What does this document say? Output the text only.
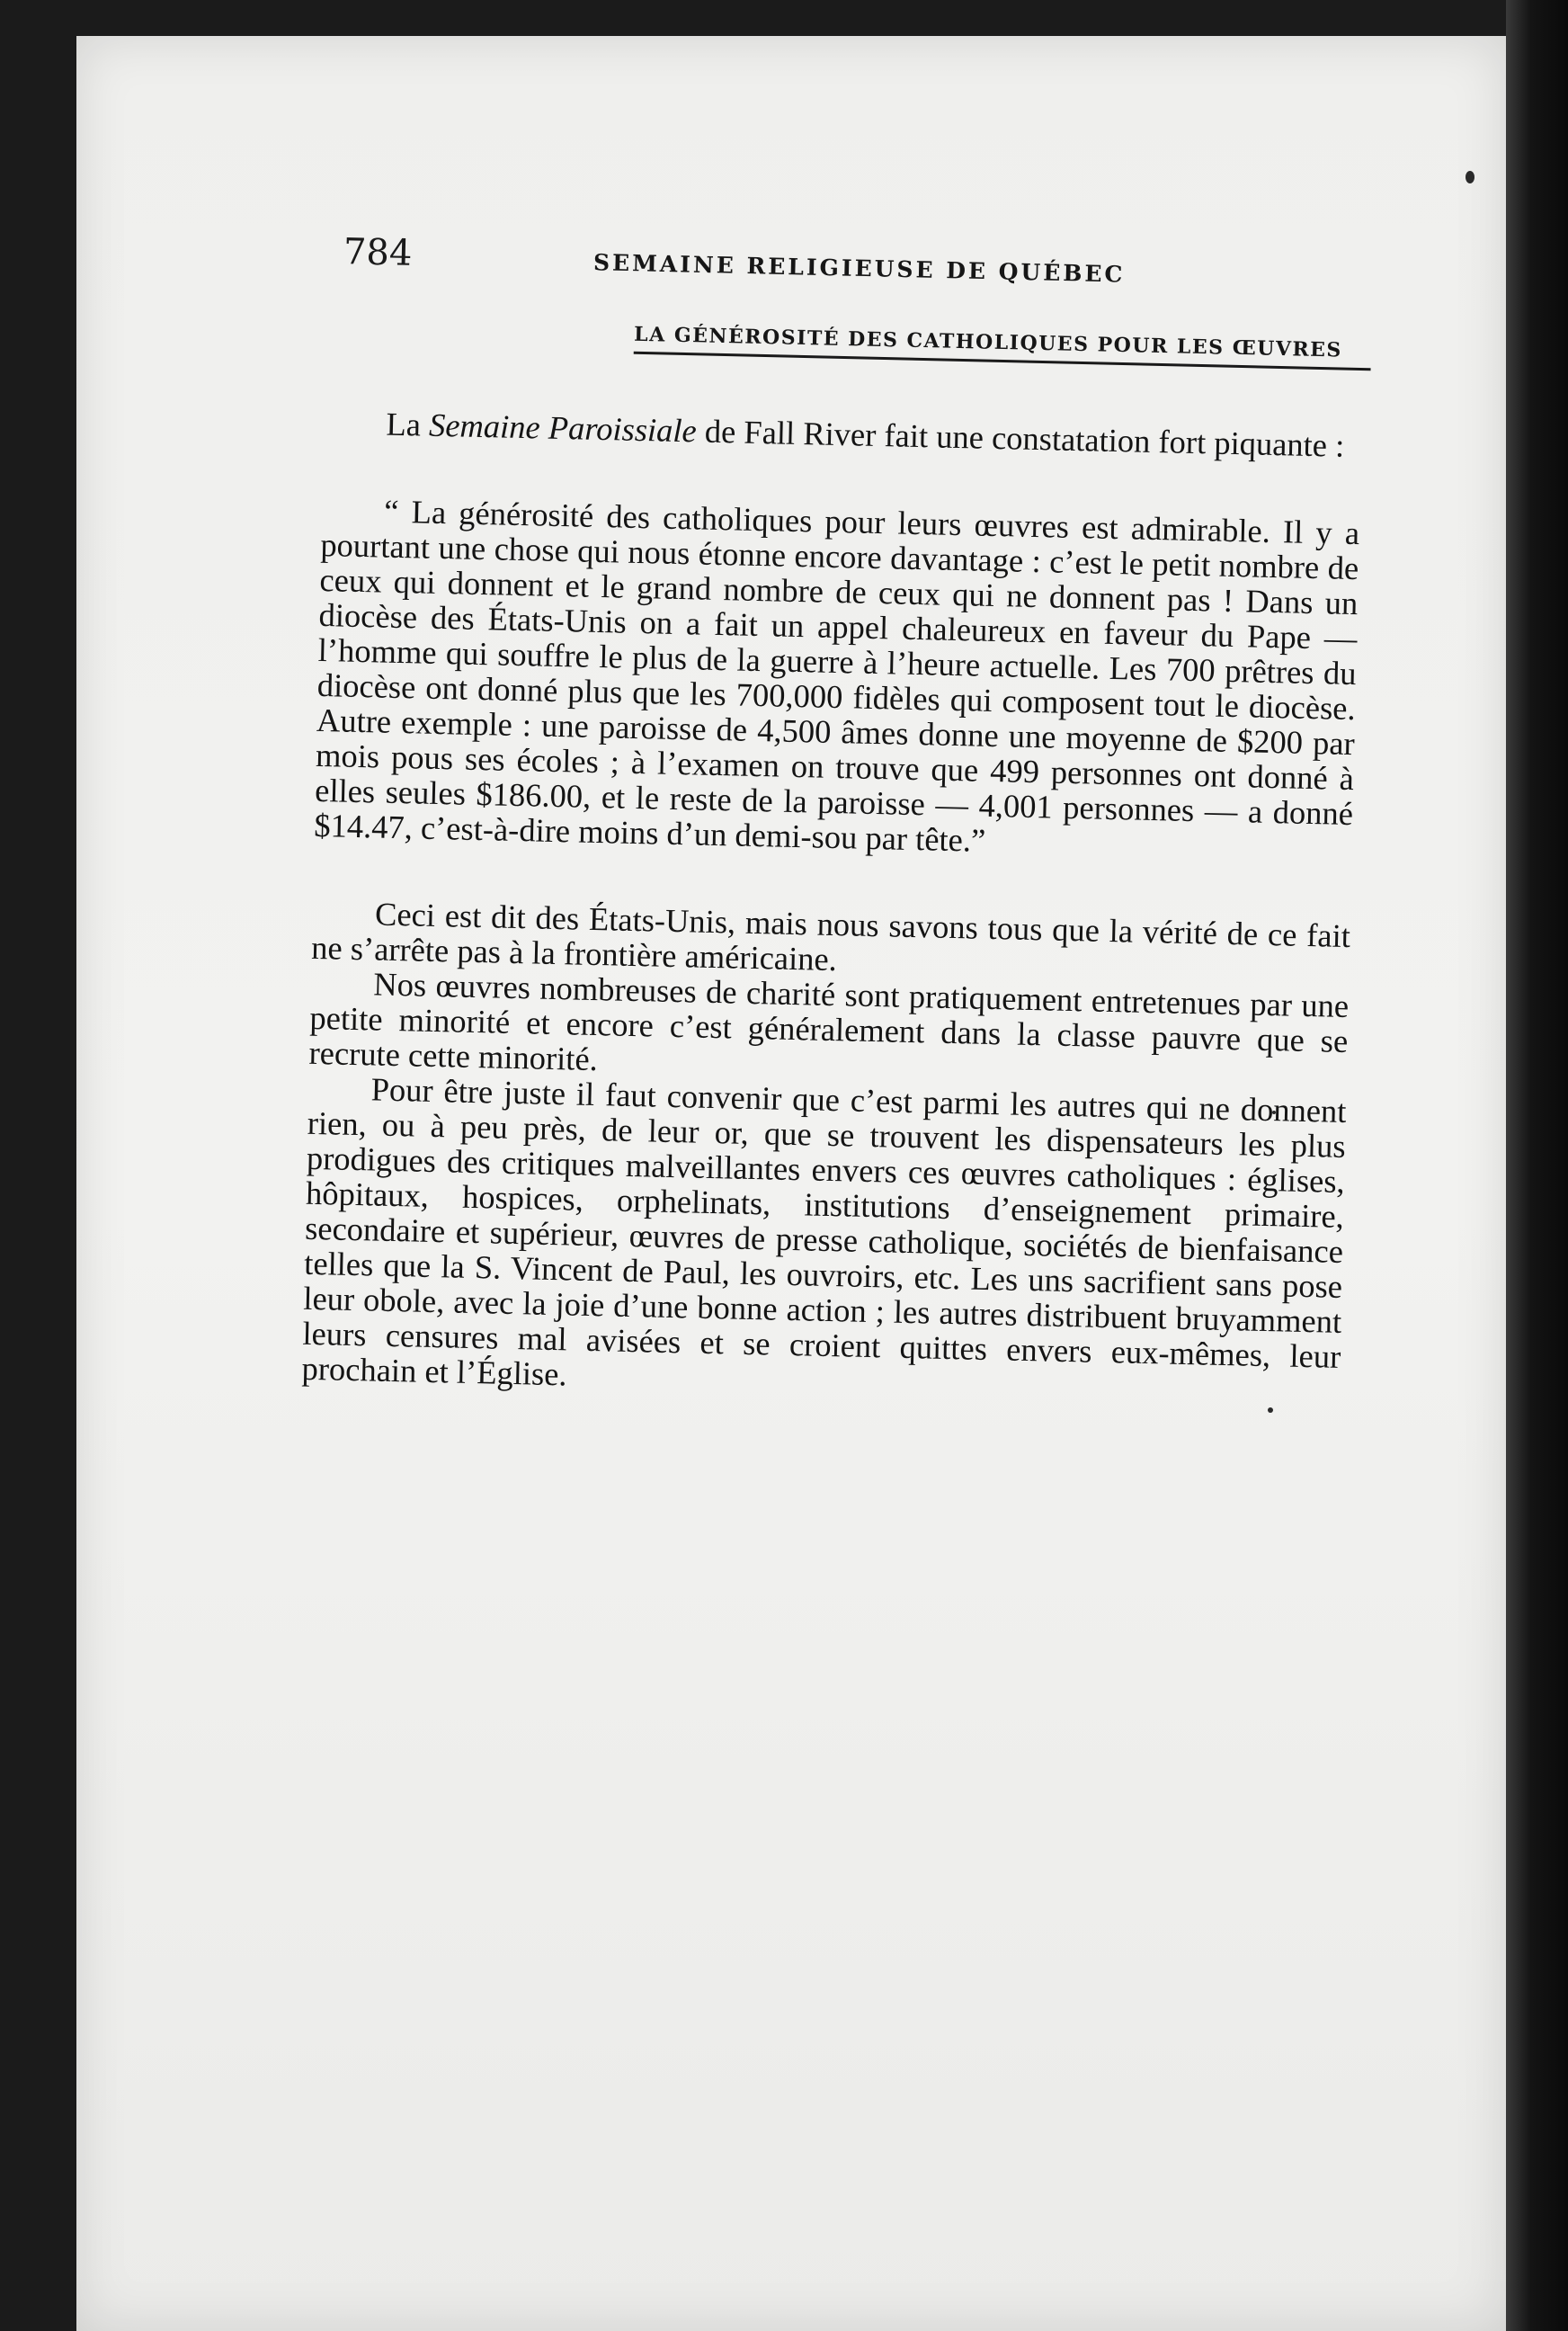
784	SEMAINE RELIGIEUSE DE QUÉBEC
LA GÉNÉROSITÉ DES CATHOLIQUES POUR LES ŒUVRES

La Semaine Paroissiale de Fall River fait une constatation fort piquante :

“ La générosité des catholiques pour leurs œuvres est admirable. Il y a pourtant une chose qui nous étonne encore davantage : c’est le petit nombre de ceux qui donnent et le grand nombre de ceux qui ne donnent pas ! Dans un diocèse des États-Unis on a fait un appel chaleureux en faveur du Pape — l’homme qui souffre le plus de la guerre à l’heure actuelle. Les 700 prêtres du diocèse ont donné plus que les 700,000 fidèles qui composent tout le diocèse. Autre exemple : une paroisse de 4,500 âmes donne une moyenne de $200 par mois pous ses écoles ; à l’examen on trouve que 499 personnes ont donné à elles seules $186.00, et le reste de la paroisse — 4,001 personnes — a donné $14.47, c’est-à-dire moins d’un demi-sou par tête.”

Ceci est dit des États-Unis, mais nous savons tous que la vérité de ce fait ne s’arrête pas à la frontière américaine.

Nos œuvres nombreuses de charité sont pratiquement entretenues par une petite minorité et encore c’est généralement dans la classe pauvre que se recrute cette minorité.

Pour être juste il faut convenir que c’est parmi les autres qui ne donnent rien, ou à peu près, de leur or, que se trouvent les dispensateurs les plus prodigues des critiques malveillantes envers ces œuvres catholiques : églises, hôpitaux, hospices, orphelinats, institutions d’enseignement primaire, secondaire et supérieur, œuvres de presse catholique, sociétés de bienfaisance telles que la S. Vincent de Paul, les ouvroirs, etc. Les uns sacrifient sans pose leur obole, avec la joie d’une bonne action ; les autres distribuent bruyamment leurs censures mal avisées et se croient quittes envers eux-mêmes, leur prochain et l’Église.
